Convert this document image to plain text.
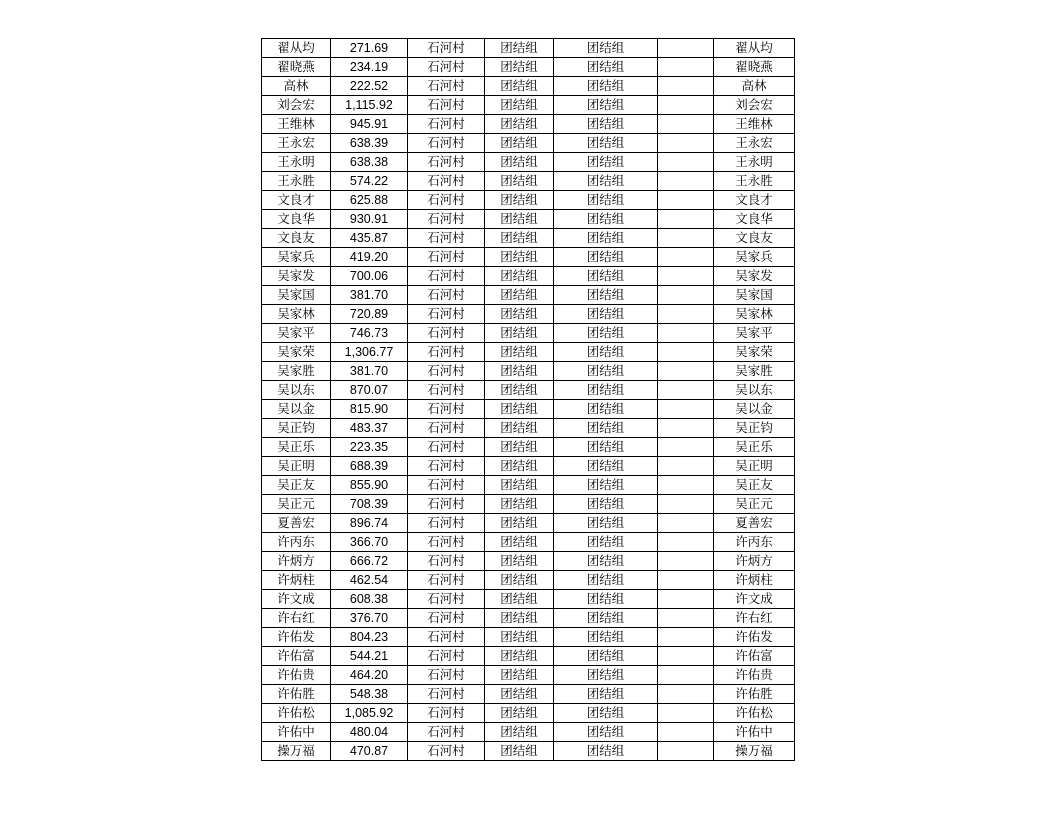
翟从均	271.69	石河村	团结组	团结组		翟从均
翟晓燕	234.19	石河村	团结组	团结组		翟晓燕
高林	222.52	石河村	团结组	团结组		高林
刘会宏	1,115.92	石河村	团结组	团结组		刘会宏
王维林	945.91	石河村	团结组	团结组		王维林
王永宏	638.39	石河村	团结组	团结组		王永宏
王永明	638.38	石河村	团结组	团结组		王永明
王永胜	574.22	石河村	团结组	团结组		王永胜
文良才	625.88	石河村	团结组	团结组		文良才
文良华	930.91	石河村	团结组	团结组		文良华
文良友	435.87	石河村	团结组	团结组		文良友
吴家兵	419.20	石河村	团结组	团结组		吴家兵
吴家发	700.06	石河村	团结组	团结组		吴家发
吴家国	381.70	石河村	团结组	团结组		吴家国
吴家林	720.89	石河村	团结组	团结组		吴家林
吴家平	746.73	石河村	团结组	团结组		吴家平
吴家荣	1,306.77	石河村	团结组	团结组		吴家荣
吴家胜	381.70	石河村	团结组	团结组		吴家胜
吴以东	870.07	石河村	团结组	团结组		吴以东
吴以金	815.90	石河村	团结组	团结组		吴以金
吴正钧	483.37	石河村	团结组	团结组		吴正钧
吴正乐	223.35	石河村	团结组	团结组		吴正乐
吴正明	688.39	石河村	团结组	团结组		吴正明
吴正友	855.90	石河村	团结组	团结组		吴正友
吴正元	708.39	石河村	团结组	团结组		吴正元
夏善宏	896.74	石河村	团结组	团结组		夏善宏
许丙东	366.70	石河村	团结组	团结组		许丙东
许炳方	666.72	石河村	团结组	团结组		许炳方
许炳柱	462.54	石河村	团结组	团结组		许炳柱
许文成	608.38	石河村	团结组	团结组		许文成
许右红	376.70	石河村	团结组	团结组		许右红
许佑发	804.23	石河村	团结组	团结组		许佑发
许佑富	544.21	石河村	团结组	团结组		许佑富
许佑贵	464.20	石河村	团结组	团结组		许佑贵
许佑胜	548.38	石河村	团结组	团结组		许佑胜
许佑松	1,085.92	石河村	团结组	团结组		许佑松
许佑中	480.04	石河村	团结组	团结组		许佑中
操万福	470.87	石河村	团结组	团结组		操万福
